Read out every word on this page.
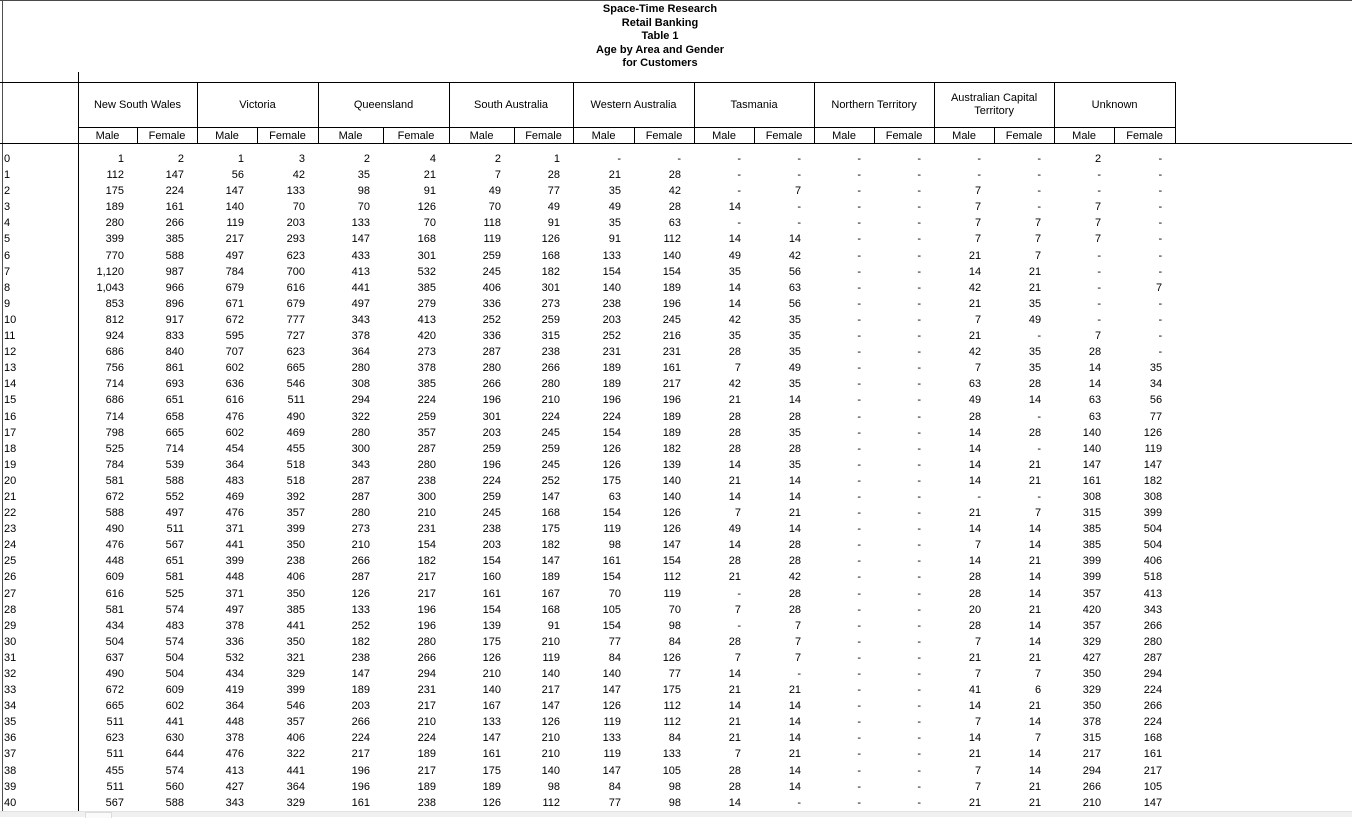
Space-Time Research
Retail Banking
Table 1
Age by Area and Gender
for Customers
	New South Wales		Victoria		Queensland		South Australia		Western Australia		Tasmania		Northern Territory		Australian Capital Territory		Unknown	
	Male	Female	Male	Female	Male	Female	Male	Female	Male	Female	Male	Female	Male	Female	Male	Female	Male	Female
0	1	2	1	3	2	4	2	1	-	-	-	-	-	-	-	-	2	-
1	112	147	56	42	35	21	7	28	21	28	-	-	-	-	-	-	-	-
2	175	224	147	133	98	91	49	77	35	42	-	7	-	-	7	-	-	-
3	189	161	140	70	70	126	70	49	49	28	14	-	-	-	7	-	7	-
4	280	266	119	203	133	70	118	91	35	63	-	-	-	-	7	7	7	-
5	399	385	217	293	147	168	119	126	91	112	14	14	-	-	7	7	7	-
6	770	588	497	623	433	301	259	168	133	140	49	42	-	-	21	7	-	-
7	1,120	987	784	700	413	532	245	182	154	154	35	56	-	-	14	21	-	-
8	1,043	966	679	616	441	385	406	301	140	189	14	63	-	-	42	21	-	7
9	853	896	671	679	497	279	336	273	238	196	14	56	-	-	21	35	-	-
10	812	917	672	777	343	413	252	259	203	245	42	35	-	-	7	49	-	-
11	924	833	595	727	378	420	336	315	252	216	35	35	-	-	21	-	7	-
12	686	840	707	623	364	273	287	238	231	231	28	35	-	-	42	35	28	-
13	756	861	602	665	280	378	280	266	189	161	7	49	-	-	7	35	14	35
14	714	693	636	546	308	385	266	280	189	217	42	35	-	-	63	28	14	34
15	686	651	616	511	294	224	196	210	196	196	21	14	-	-	49	14	63	56
16	714	658	476	490	322	259	301	224	224	189	28	28	-	-	28	-	63	77
17	798	665	602	469	280	357	203	245	154	189	28	35	-	-	14	28	140	126
18	525	714	454	455	300	287	259	259	126	182	28	28	-	-	14	-	140	119
19	784	539	364	518	343	280	196	245	126	139	14	35	-	-	14	21	147	147
20	581	588	483	518	287	238	224	252	175	140	21	14	-	-	14	21	161	182
21	672	552	469	392	287	300	259	147	63	140	14	14	-	-	-	-	308	308
22	588	497	476	357	280	210	245	168	154	126	7	21	-	-	21	7	315	399
23	490	511	371	399	273	231	238	175	119	126	49	14	-	-	14	14	385	504
24	476	567	441	350	210	154	203	182	98	147	14	28	-	-	7	14	385	504
25	448	651	399	238	266	182	154	147	161	154	28	28	-	-	14	21	399	406
26	609	581	448	406	287	217	160	189	154	112	21	42	-	-	28	14	399	518
27	616	525	371	350	126	217	161	167	70	119	-	28	-	-	28	14	357	413
28	581	574	497	385	133	196	154	168	105	70	7	28	-	-	20	21	420	343
29	434	483	378	441	252	196	139	91	154	98	-	7	-	-	28	14	357	266
30	504	574	336	350	182	280	175	210	77	84	28	7	-	-	7	14	329	280
31	637	504	532	321	238	266	126	119	84	126	7	7	-	-	21	21	427	287
32	490	504	434	329	147	294	210	140	140	77	14	-	-	-	7	7	350	294
33	672	609	419	399	189	231	140	217	147	175	21	21	-	-	41	6	329	224
34	665	602	364	546	203	217	167	147	126	112	14	14	-	-	14	21	350	266
35	511	441	448	357	266	210	133	126	119	112	21	14	-	-	7	14	378	224
36	623	630	378	406	224	224	147	210	133	84	21	14	-	-	14	7	315	168
37	511	644	476	322	217	189	161	210	119	133	7	21	-	-	21	14	217	161
38	455	574	413	441	196	217	175	140	147	105	28	14	-	-	7	14	294	217
39	511	560	427	364	196	189	189	98	84	98	28	14	-	-	7	21	266	105
40	567	588	343	329	161	238	126	112	77	98	14	-	-	-	21	21	210	147
